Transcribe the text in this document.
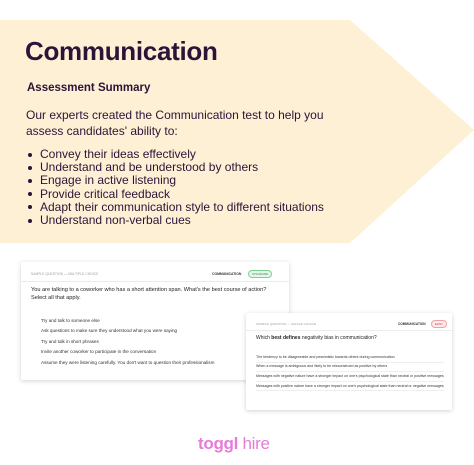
Communication
Assessment Summary
Our experts created the Communication test to help you assess candidates' ability to:
Convey their ideas effectively
Understand and be understood by others
Engage in active listening
Provide critical feedback
Adapt their communication style to different situations
Understand non-verbal cues
SAMPLE QUESTION — MULTIPLE CHOICE	COMMUNICATION	STANDARD
You are talking to a coworker who has a short attention span. What's the best course of action? Select all that apply.
Try and talk to someone else
Ask questions to make sure they understood what you were saying
Try and talk in short phrases
Invite another coworker to participate in the conversation
Assume they were listening carefully. You don't want to question their professionalism
SAMPLE QUESTION — SINGLE CHOICE	COMMUNICATION	EASY
Which best defines negativity bias in communication?
The tendency to be disagreeable and pessimistic towards others during communication
When a message is ambiguous and likely to be misconstrued as positive by others
Messages with negative nature have a stronger impact on one's psychological state than neutral or positive messages
Messages with positive nature have a stronger impact on one's psychological state than neutral or negative messages
toggl hire
